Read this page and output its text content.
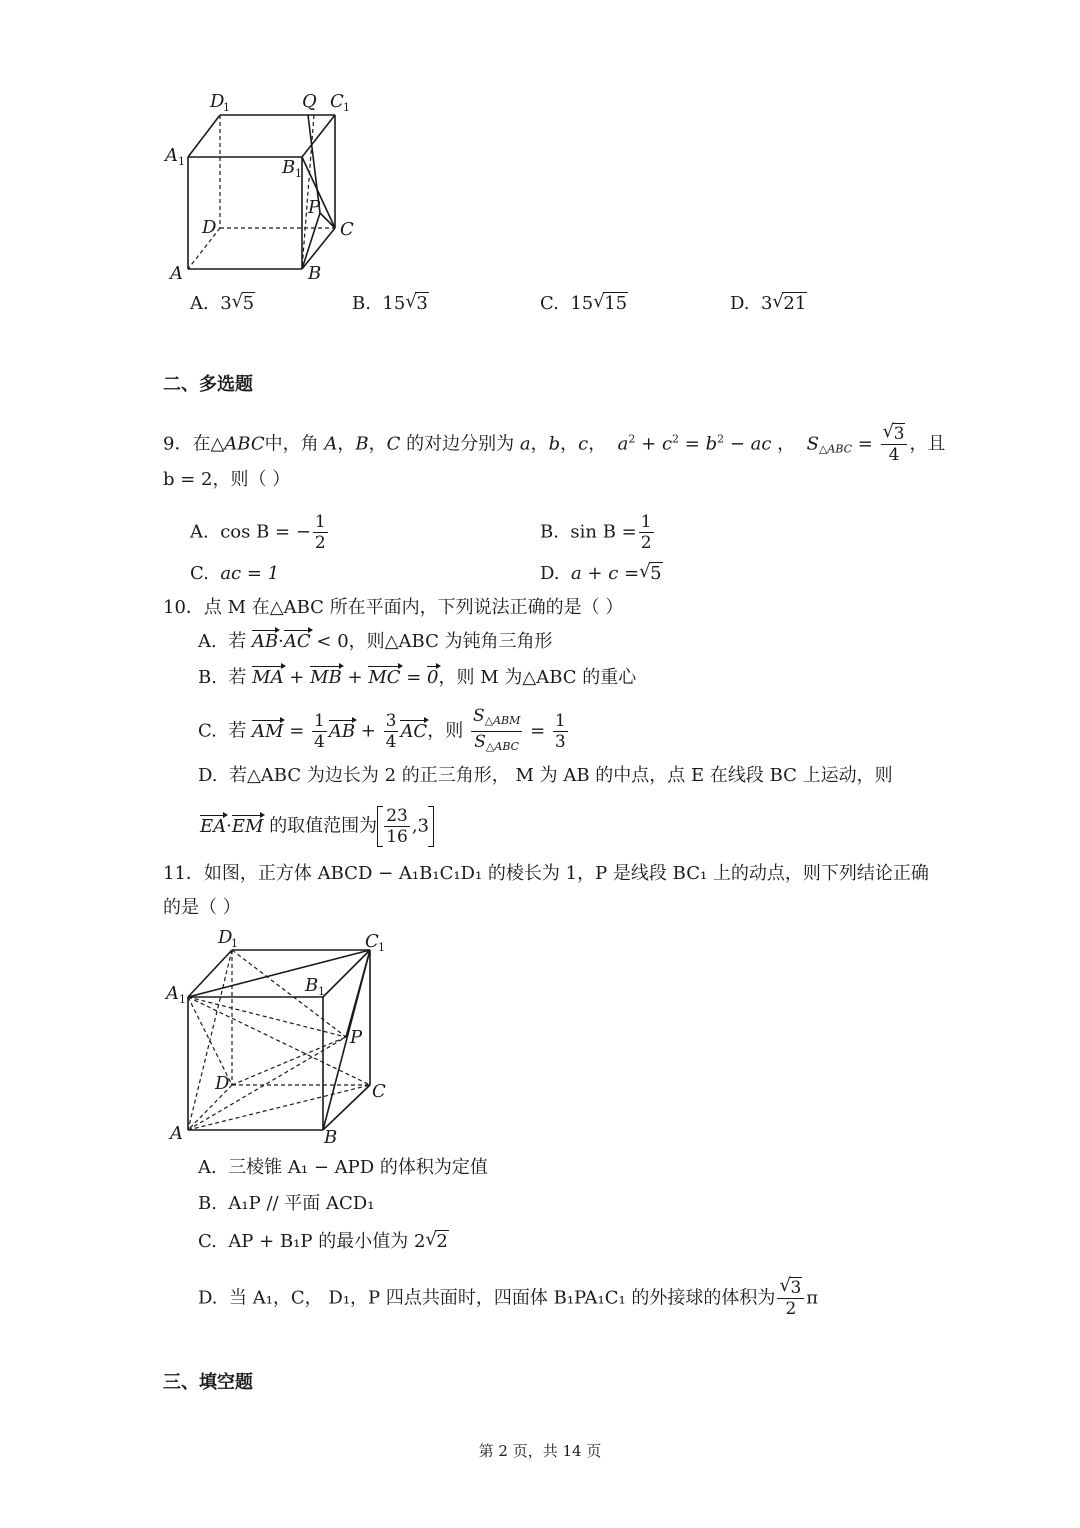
D
1	Q C 1
A 1	B 1
P
D	C
A	B
A. 3 √ 5	B. 15 √ 3	C. 15 √ 15	D. 3 √ 21
二、多选题
9．在△ABC中，角 A，B，C 的对边分别为 a，b，c，  $a^2 + c^2 = b^2$ − ac ，  $S_{\triangle ABC}$ = √ $\frac{3}{4}$ ，且
b = 2，则（ ）
A. cos B = − $\frac{1}{2}$	B. $\sin B = \frac{1}{2}$
C. ac = 1	D. a + c = √ 5
10．点 M 在△ABC 所在平面内，下列说法正确的是（ ）
A. 若 AB·AC < 0，则△ABC 为钝角三角形
B. 若 MA + MB + MC = 0，则 M 为△ABC 的重心
C. 若 AM = $\frac{1}{4}$ AB + $\frac{3}{4}$ AC，则 $\frac{S_{\triangle ABM}}{S_{\triangle ABC}} = \frac{1}{3}$
D. 若△ABC 为边长为 2 的正三角形， M 为 AB 的中点，点 E 在线段 BC 上运动，则
EA·EM 的取值范围为 $\frac{23}{16} ,3$
11．如图，正方体 ABCD − A₁B₁C₁D₁ 的棱长为 1，P 是线段 BC₁ 上的动点，则下列结论正确
的是（ ）
D
1	C 1
A 1
B 1
P
D	C
A	B
A. 三棱锥 A₁ − APD 的体积为定值
B. A₁P // 平面 ACD₁
C. AP + B₁P 的最小值为 2 √ 2
D. 当 A₁，C， D₁，P 四点共面时，四面体 B₁PA₁C₁ 的外接球的体积为 √ $\frac{3}{2}$ π
三、填空题
第 2 页，共 14 页
